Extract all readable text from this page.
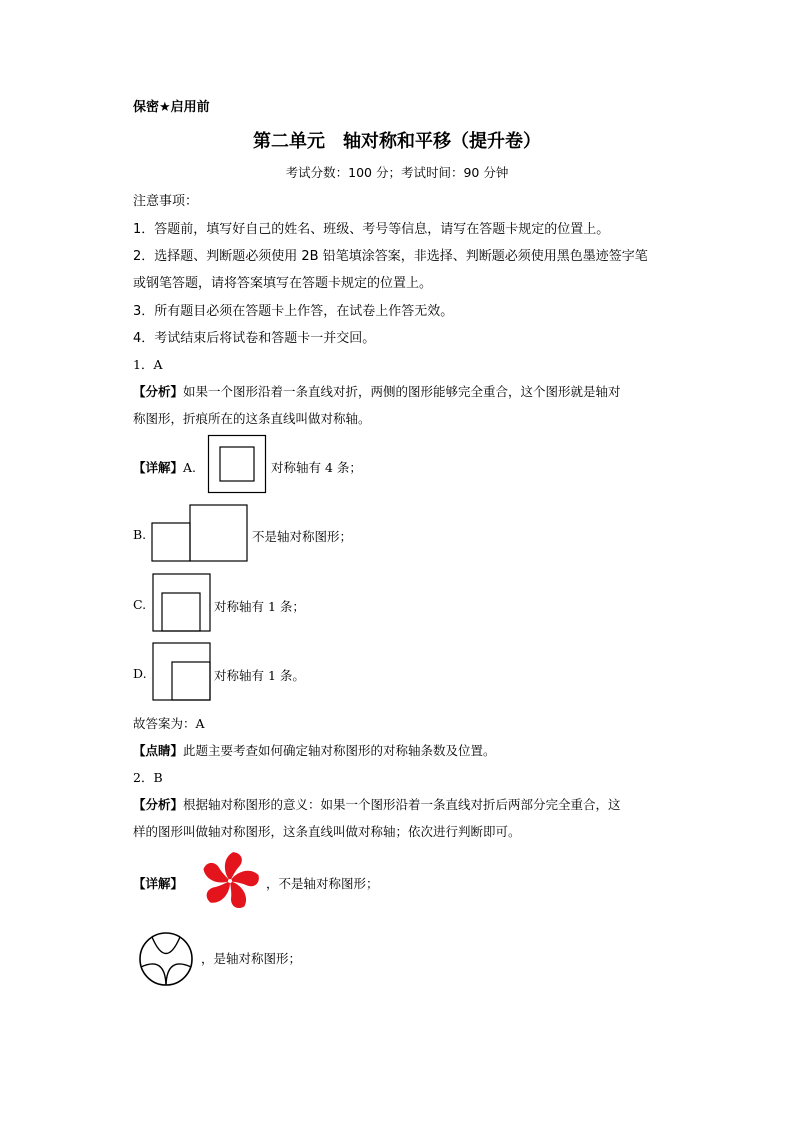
保密★启用前
第二单元　轴对称和平移（提升卷）
考试分数：100 分；考试时间：90 分钟
注意事项：
1．答题前，填写好自己的姓名、班级、考号等信息，请写在答题卡规定的位置上。
2．选择题、判断题必须使用 2B 铅笔填涂答案，非选择、判断题必须使用黑色墨迹签字笔
或钢笔答题，请将答案填写在答题卡规定的位置上。
3．所有题目必须在答题卡上作答，在试卷上作答无效。
4．考试结束后将试卷和答题卡一并交回。
1．A
【分析】如果一个图形沿着一条直线对折，两侧的图形能够完全重合，这个图形就是轴对
称图形，折痕所在的这条直线叫做对称轴。
【详解】A.	对称轴有 4 条；
B.	不是轴对称图形；
C.	对称轴有 1 条；
D.	对称轴有 1 条。
故答案为：A
【点睛】此题主要考查如何确定轴对称图形的对称轴条数及位置。
2．B
【分析】根据轴对称图形的意义：如果一个图形沿着一条直线对折后两部分完全重合，这
样的图形叫做轴对称图形，这条直线叫做对称轴；依次进行判断即可。
【详解】	，不是轴对称图形；
，是轴对称图形；
